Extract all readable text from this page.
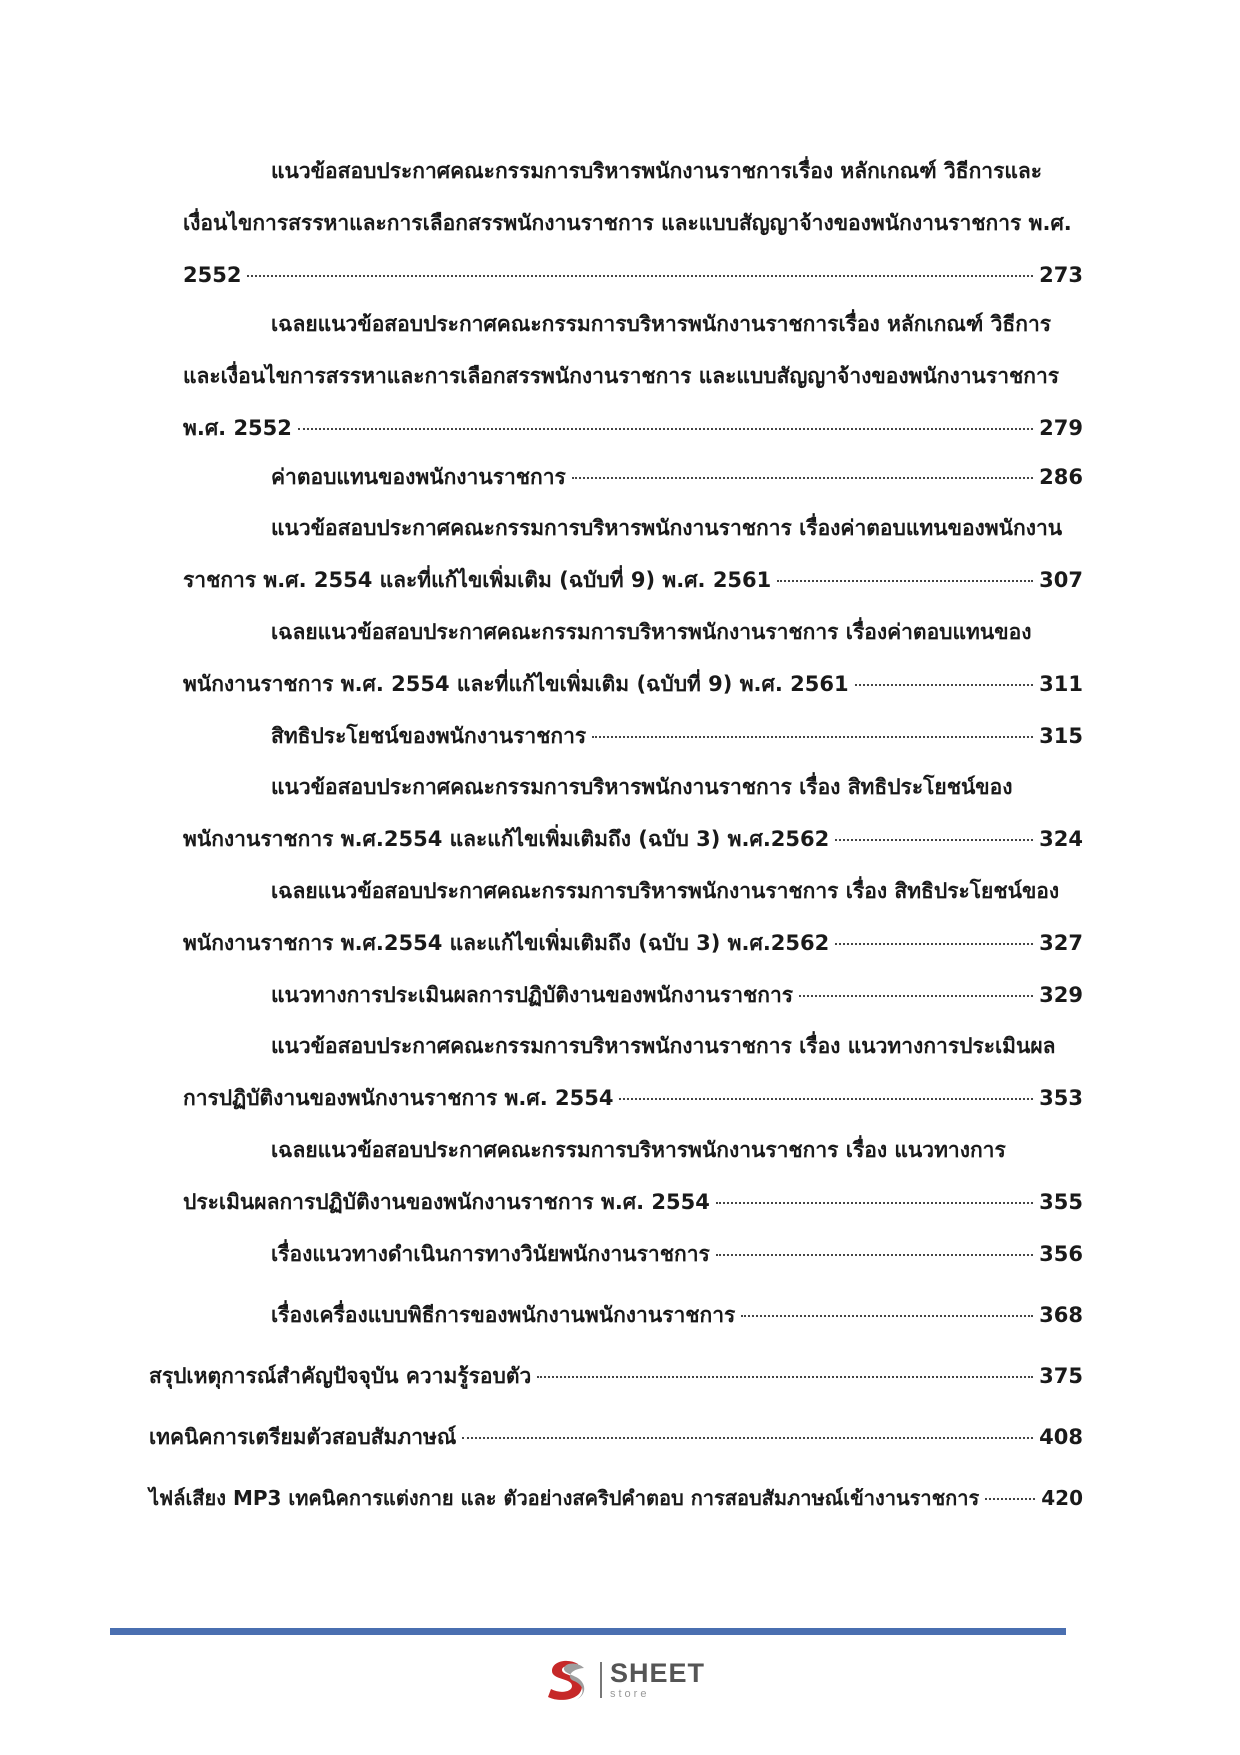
แนวข้อสอบประกาศคณะกรรมการบริหารพนักงานราชการเรื่อง หลักเกณฑ์ วิธีการและ
เงื่อนไขการสรรหาและการเลือกสรรพนักงานราชการ และแบบสัญญาจ้างของพนักงานราชการ พ.ศ.
2552	273
เฉลยแนวข้อสอบประกาศคณะกรรมการบริหารพนักงานราชการเรื่อง หลักเกณฑ์ วิธีการ
และเงื่อนไขการสรรหาและการเลือกสรรพนักงานราชการ และแบบสัญญาจ้างของพนักงานราชการ
พ.ศ. 2552	279
ค่าตอบแทนของพนักงานราชการ	286
แนวข้อสอบประกาศคณะกรรมการบริหารพนักงานราชการ เรื่องค่าตอบแทนของพนักงาน
ราชการ พ.ศ. 2554 และที่แก้ไขเพิ่มเติม (ฉบับที่ 9) พ.ศ. 2561	307
เฉลยแนวข้อสอบประกาศคณะกรรมการบริหารพนักงานราชการ เรื่องค่าตอบแทนของ
พนักงานราชการ พ.ศ. 2554 และที่แก้ไขเพิ่มเติม (ฉบับที่ 9) พ.ศ. 2561	311
สิทธิประโยชน์ของพนักงานราชการ	315
แนวข้อสอบประกาศคณะกรรมการบริหารพนักงานราชการ เรื่อง สิทธิประโยชน์ของ
พนักงานราชการ พ.ศ.2554 และแก้ไขเพิ่มเติมถึง (ฉบับ 3) พ.ศ.2562	324
เฉลยแนวข้อสอบประกาศคณะกรรมการบริหารพนักงานราชการ เรื่อง สิทธิประโยชน์ของ
พนักงานราชการ พ.ศ.2554 และแก้ไขเพิ่มเติมถึง (ฉบับ 3) พ.ศ.2562	327
แนวทางการประเมินผลการปฏิบัติงานของพนักงานราชการ	329
แนวข้อสอบประกาศคณะกรรมการบริหารพนักงานราชการ เรื่อง แนวทางการประเมินผล
การปฏิบัติงานของพนักงานราชการ พ.ศ. 2554	353
เฉลยแนวข้อสอบประกาศคณะกรรมการบริหารพนักงานราชการ เรื่อง แนวทางการ
ประเมินผลการปฏิบัติงานของพนักงานราชการ พ.ศ. 2554	355
เรื่องแนวทางดำเนินการทางวินัยพนักงานราชการ	356
เรื่องเครื่องแบบพิธีการของพนักงานพนักงานราชการ	368
สรุปเหตุการณ์สำคัญปัจจุบัน ความรู้รอบตัว	375
เทคนิคการเตรียมตัวสอบสัมภาษณ์	408
ไฟล์เสียง MP3 เทคนิคการแต่งกาย และ ตัวอย่างสคริปคำตอบ การสอบสัมภาษณ์เข้างานราชการ	420
SHEET
store
